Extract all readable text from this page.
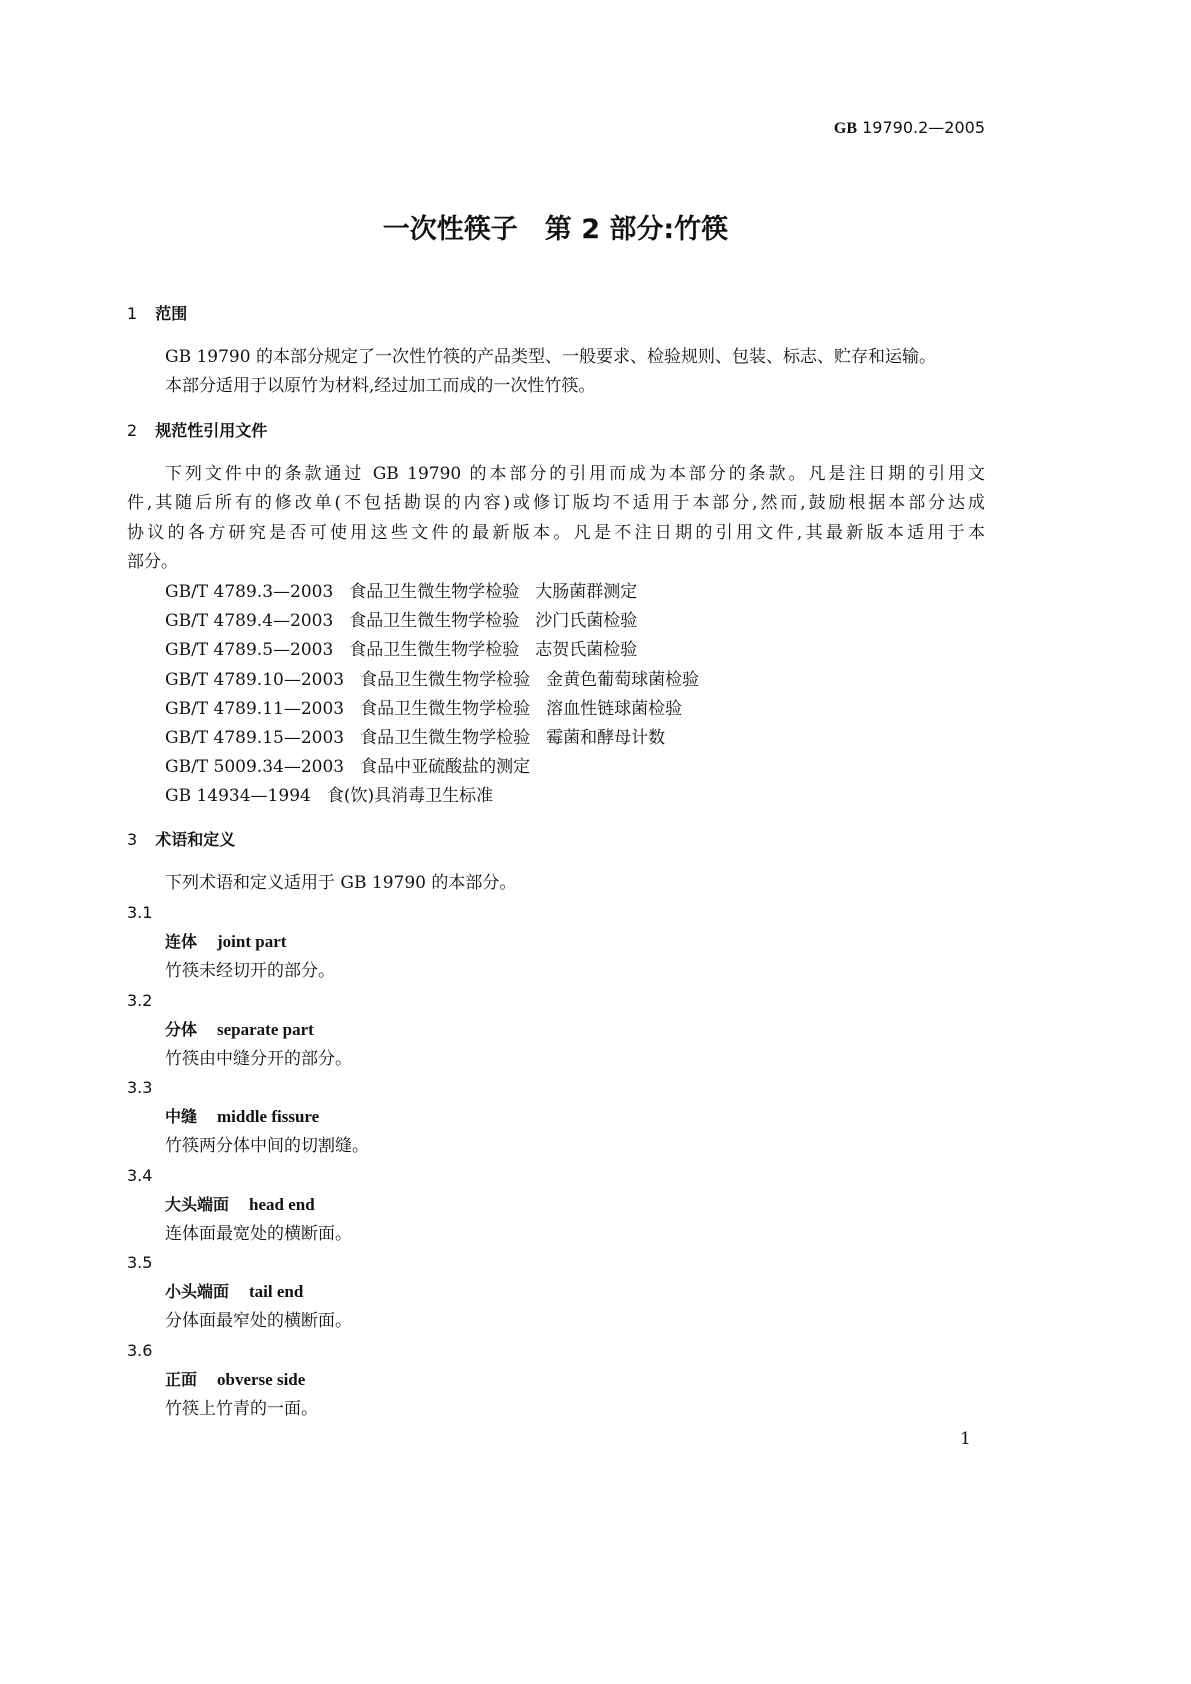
GB 19790.2—2005
一次性筷子　第 2 部分:竹筷
1 范围
GB 19790 的本部分规定了一次性竹筷的产品类型、一般要求、检验规则、包装、标志、贮存和运输。
本部分适用于以原竹为材料,经过加工而成的一次性竹筷。
2 规范性引用文件
下列文件中的条款通过 GB 19790 的本部分的引用而成为本部分的条款。凡是注日期的引用文
件,其随后所有的修改单(不包括勘误的内容)或修订版均不适用于本部分,然而,鼓励根据本部分达成
协议的各方研究是否可使用这些文件的最新版本。凡是不注日期的引用文件,其最新版本适用于本
部分。
GB/T 4789.3—2003 食品卫生微生物学检验 大肠菌群测定
GB/T 4789.4—2003 食品卫生微生物学检验 沙门氏菌检验
GB/T 4789.5—2003 食品卫生微生物学检验 志贺氏菌检验
GB/T 4789.10—2003 食品卫生微生物学检验 金黄色葡萄球菌检验
GB/T 4789.11—2003 食品卫生微生物学检验 溶血性链球菌检验
GB/T 4789.15—2003 食品卫生微生物学检验 霉菌和酵母计数
GB/T 5009.34—2003 食品中亚硫酸盐的测定
GB 14934—1994 食(饮)具消毒卫生标准
3 术语和定义
下列术语和定义适用于 GB 19790 的本部分。
3.1
连体 joint part
竹筷未经切开的部分。
3.2
分体 separate part
竹筷由中缝分开的部分。
3.3
中缝 middle fissure
竹筷两分体中间的切割缝。
3.4
大头端面 head end
连体面最宽处的横断面。
3.5
小头端面 tail end
分体面最窄处的横断面。
3.6
正面 obverse side
竹筷上竹青的一面。
1
